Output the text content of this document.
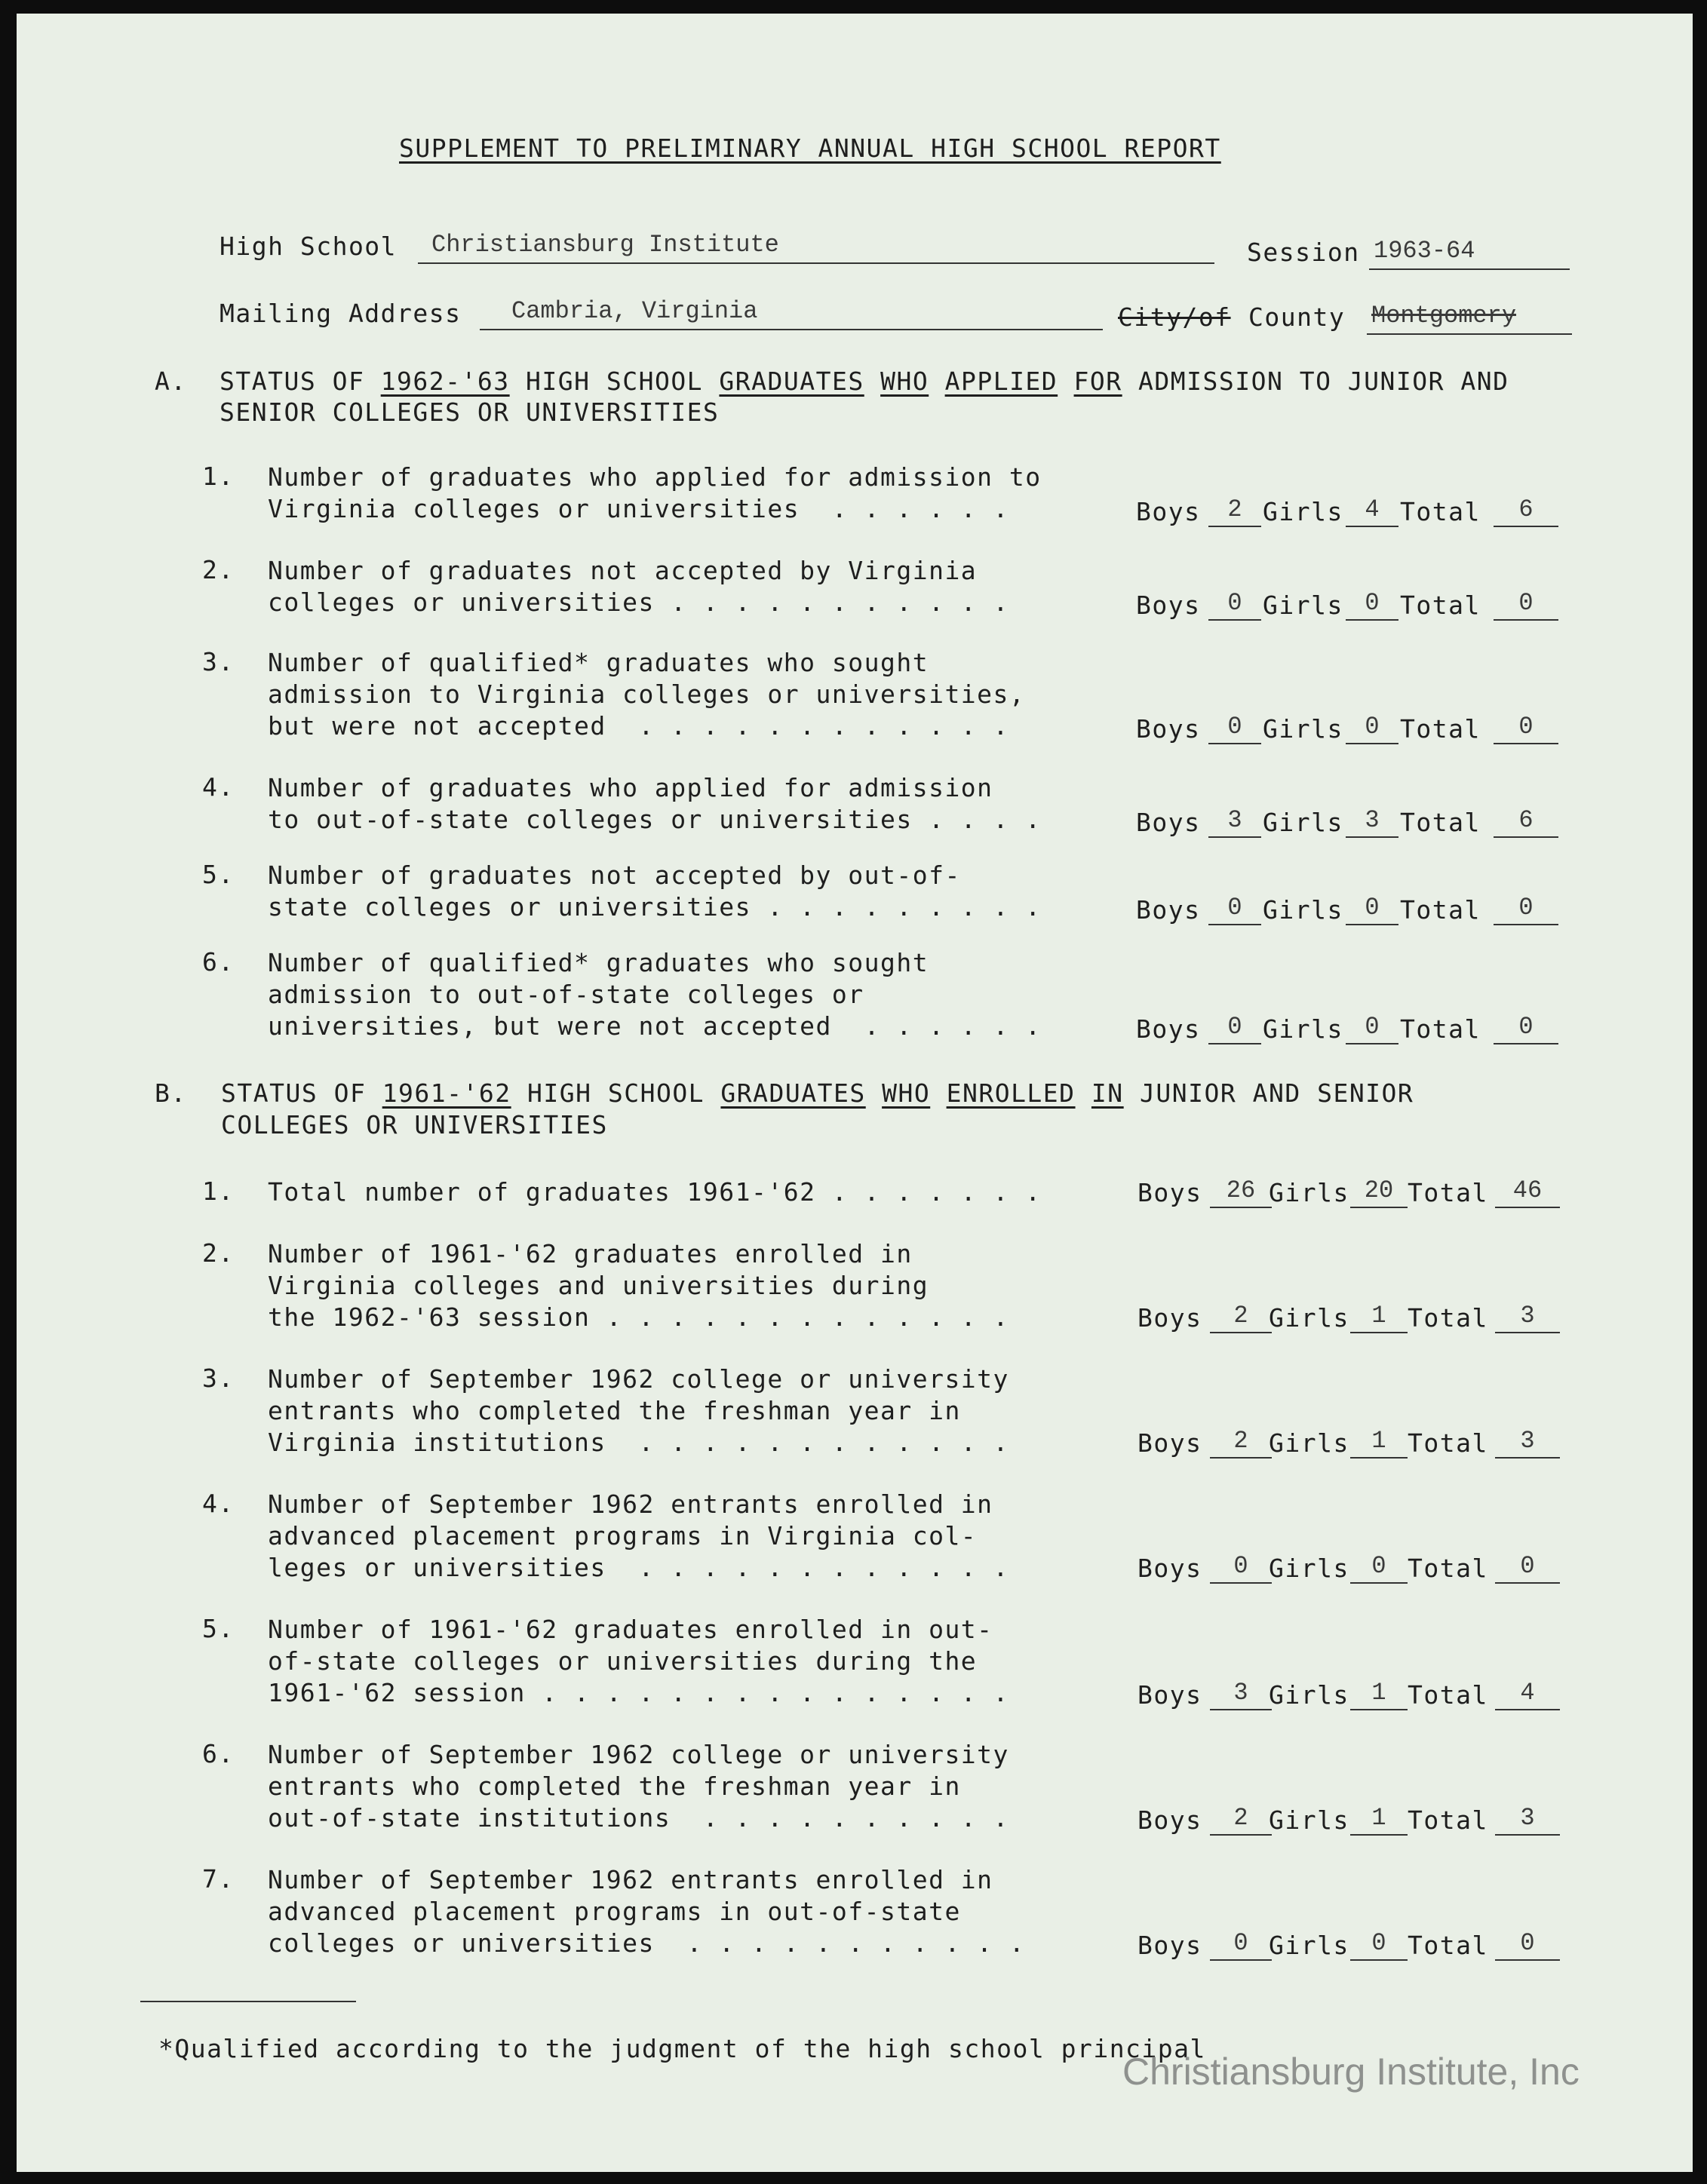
SUPPLEMENT TO PRELIMINARY ANNUAL HIGH SCHOOL REPORT
High School Christiansburg Institute	Session 1963-64
Mailing Address Cambria, Virginia	City/of County Montgomery
A. STATUS OF 1962-'63 HIGH SCHOOL GRADUATES WHO APPLIED FOR ADMISSION TO JUNIOR AND
SENIOR COLLEGES OR UNIVERSITIES
1. Number of graduates who applied for admission to
Virginia colleges or universities  . . . . . .	Boys	2 Girls 4 Total	6
2. Number of graduates not accepted by Virginia
colleges or universities . . . . . . . . . . .	Boys	0 Girls 0 Total	0
3. Number of qualified* graduates who sought
admission to Virginia colleges or universities,
but were not accepted  . . . . . . . . . . . .	Boys	0 Girls 0 Total	0
4. Number of graduates who applied for admission
to out-of-state colleges or universities . . . .	Boys	3 Girls 3 Total	6
5. Number of graduates not accepted by out-of-
state colleges or universities . . . . . . . . .	Boys	0 Girls 0 Total	0
6. Number of qualified* graduates who sought
admission to out-of-state colleges or
universities, but were not accepted  . . . . . .	Boys	0 Girls 0 Total	0
B. STATUS OF 1961-'62 HIGH SCHOOL GRADUATES WHO ENROLLED IN JUNIOR AND SENIOR
COLLEGES OR UNIVERSITIES
1. Total number of graduates 1961-'62 . . . . . . .	Boys	26 Girls 20 Total	46
2. Number of 1961-'62 graduates enrolled in
Virginia colleges and universities during
the 1962-'63 session . . . . . . . . . . . . .	Boys	2 Girls 1 Total	3
3. Number of September 1962 college or university
entrants who completed the freshman year in
Virginia institutions  . . . . . . . . . . . .	Boys	2 Girls 1 Total	3
4. Number of September 1962 entrants enrolled in
advanced placement programs in Virginia col-
leges or universities  . . . . . . . . . . . .	Boys	0 Girls 0 Total	0
5. Number of 1961-'62 graduates enrolled in out-
of-state colleges or universities during the
1961-'62 session . . . . . . . . . . . . . . .	Boys	3 Girls 1 Total	4
6. Number of September 1962 college or university
entrants who completed the freshman year in
out-of-state institutions  . . . . . . . . . .	Boys	2 Girls 1 Total	3
7. Number of September 1962 entrants enrolled in
advanced placement programs in out-of-state
colleges or universities  . . . . . . . . . . .	Boys	0 Girls 0 Total	0
*Qualified according to the judgment of the high school principal
Christiansburg Institute, Inc
